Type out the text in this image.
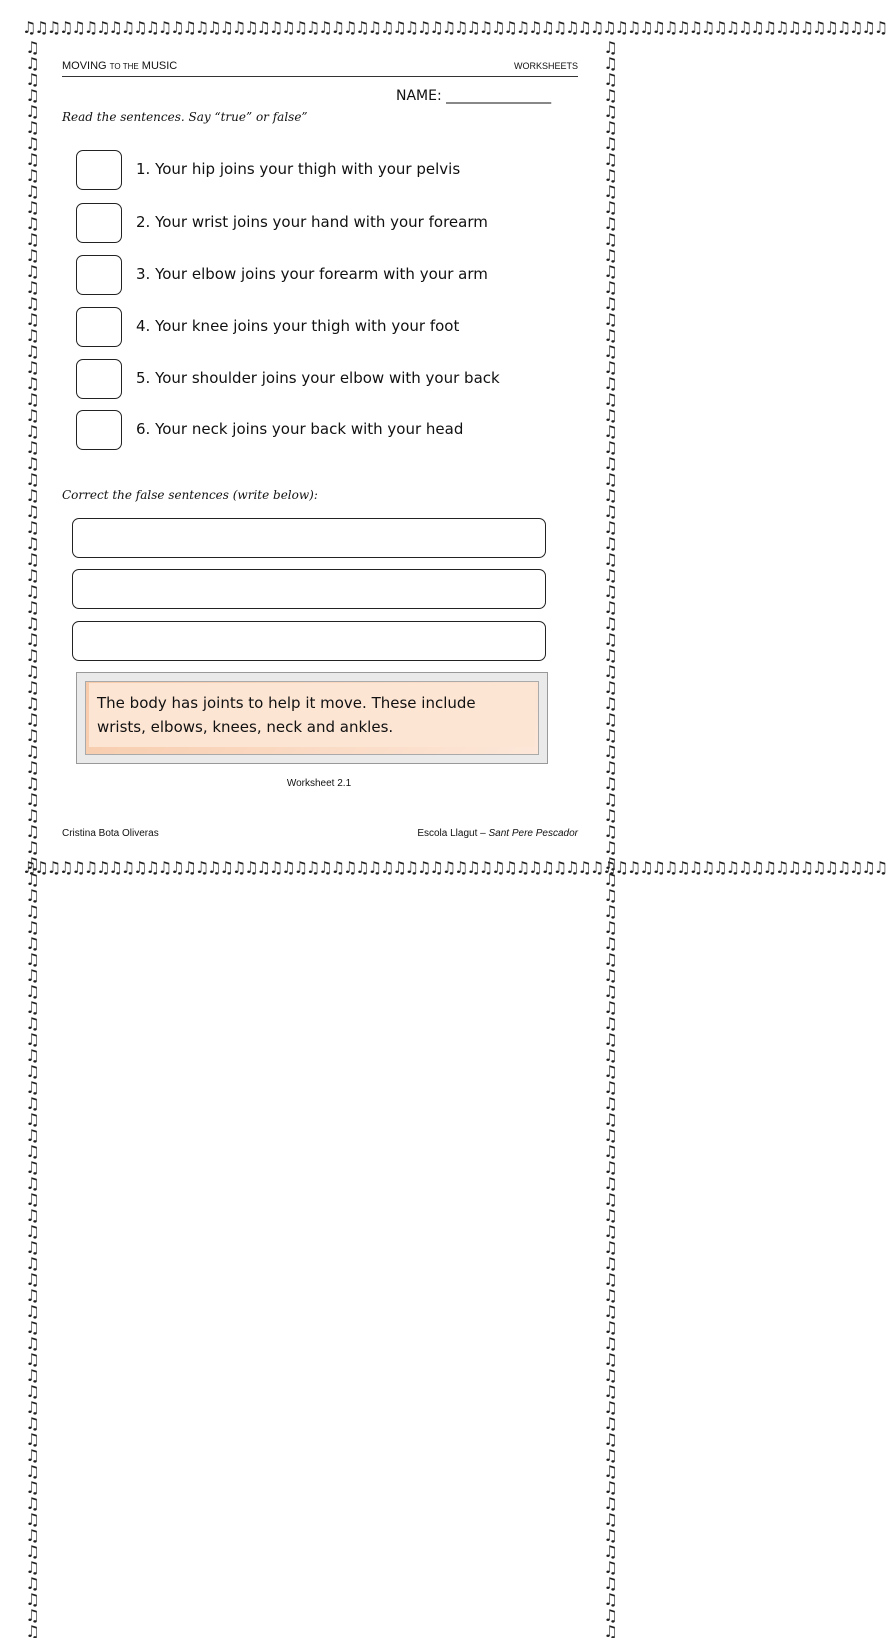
♫♫♫♫♫♫♫♫♫♫♫♫♫♫♫♫♫♫♫♫♫♫♫♫♫♫♫♫♫♫♫♫♫♫♫♫♫♫♫♫♫♫♫♫♫♫♫♫♫♫♫♫♫♫♫♫♫♫♫♫♫♫♫♫♫♫♫♫♫♫
♫♫♫♫♫♫♫♫♫♫♫♫♫♫♫♫♫♫♫♫♫♫♫♫♫♫♫♫♫♫♫♫♫♫♫♫♫♫♫♫♫♫♫♫♫♫♫♫♫♫♫♫♫♫♫♫♫♫♫♫♫♫♫♫♫♫♫♫♫♫
♫♫♫♫♫♫♫♫♫♫♫♫♫♫♫♫♫♫♫♫♫♫♫♫♫♫♫♫♫♫♫♫♫♫♫♫♫♫♫♫♫♫♫♫♫♫♫♫♫♫♫♫♫♫♫♫♫♫♫♫♫♫♫♫♫♫♫♫♫♫♫♫♫♫♫♫♫♫♫♫♫♫♫♫♫♫♫♫♫♫♫♫♫♫♫♫♫♫♫♫	♫♫♫♫♫♫♫♫♫♫♫♫♫♫♫♫♫♫♫♫♫♫♫♫♫♫♫♫♫♫♫♫♫♫♫♫♫♫♫♫♫♫♫♫♫♫♫♫♫♫♫♫♫♫♫♫♫♫♫♫♫♫♫♫♫♫♫♫♫♫♫♫♫♫♫♫♫♫♫♫♫♫♫♫♫♫♫♫♫♫♫♫♫♫♫♫♫♫♫♫
MOVING TO THE MUSIC	WORKSHEETS
NAME: _______________
Read the sentences. Say “true” or false”
1. Your hip joins your thigh with your pelvis
2. Your wrist joins your hand with your forearm
3. Your elbow joins your forearm with your arm
4. Your knee joins your thigh with your foot
5. Your shoulder joins your elbow with your back
6. Your neck joins your back with your head
Correct the false sentences (write below):
The body has joints to help it move. These include
wrists, elbows, knees, neck and ankles.
Worksheet 2.1
Cristina Bota Oliveras	Escola Llagut – Sant Pere Pescador
